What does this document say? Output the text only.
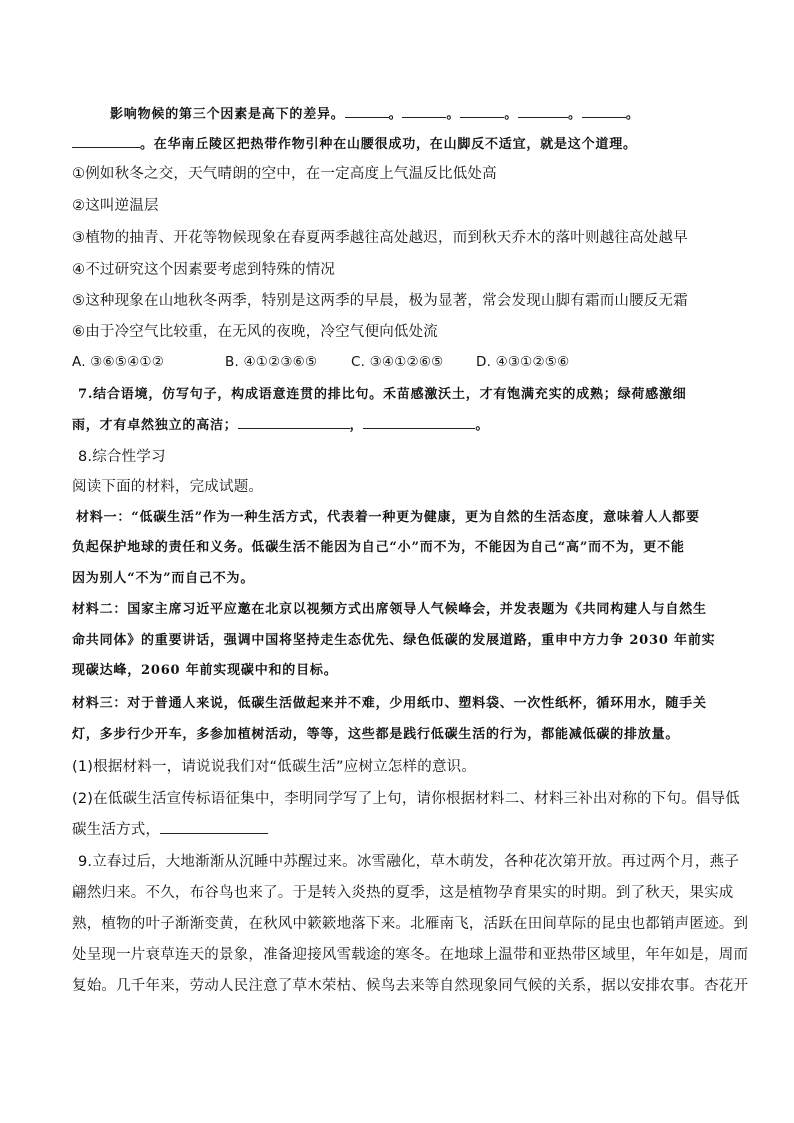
影响物候的第三个因素是高下的差异。	。	。	。	。	。
。在华南丘陵区把热带作物引种在山腰很成功，在山脚反不适宜，就是这个道理。
①例如秋冬之交，天气晴朗的空中，在一定高度上气温反比低处高
②这叫逆温层
③植物的抽青、开花等物候现象在春夏两季越往高处越迟，而到秋天乔木的落叶则越往高处越早
④不过研究这个因素要考虑到特殊的情况
⑤这种现象在山地秋冬两季，特别是这两季的早晨，极为显著，常会发现山脚有霜而山腰反无霜
⑥由于冷空气比较重，在无风的夜晚，冷空气便向低处流
A. ③⑥⑤④①②	B. ④①②③⑥⑤ C. ③④①②⑥⑤ D. ④③①②⑤⑥
7.结合语境，仿写句子，构成语意连贯的排比句。禾苗感激沃土，才有饱满充实的成熟；绿荷感激细
雨，才有卓然独立的高洁；	，	。
8.综合性学习
阅读下面的材料，完成试题。
材料一：“低碳生活”作为一种生活方式，代表着一种更为健康，更为自然的生活态度，意味着人人都要
负起保护地球的责任和义务。低碳生活不能因为自己“小”而不为，不能因为自己“高”而不为，更不能
因为别人“不为”而自己不为。
材料二：国家主席习近平应邀在北京以视频方式出席领导人气候峰会，并发表题为《共同构建人与自然生
命共同体》的重要讲话，强调中国将坚持走生态优先、绿色低碳的发展道路，重申中方力争 2030 年前实
现碳达峰，2060 年前实现碳中和的目标。
材料三：对于普通人来说，低碳生活做起来并不难，少用纸巾、塑料袋、一次性纸杯，循环用水，随手关
灯，多步行少开车，多参加植树活动，等等，这些都是践行低碳生活的行为，都能减低碳的排放量。
(1)根据材料一，请说说我们对“低碳生活”应树立怎样的意识。
(2)在低碳生活宣传标语征集中，李明同学写了上句，请你根据材料二、材料三补出对称的下句。倡导低
碳生活方式，
9.立春过后，大地渐渐从沉睡中苏醒过来。冰雪融化，草木萌发，各种花次第开放。再过两个月，燕子
翩然归来。不久，布谷鸟也来了。于是转入炎热的夏季，这是植物孕育果实的时期。到了秋天，果实成
熟，植物的叶子渐渐变黄，在秋风中簌簌地落下来。北雁南飞，活跃在田间草际的昆虫也都销声匿迹。到
处呈现一片衰草连天的景象，准备迎接风雪载途的寒冬。在地球上温带和亚热带区域里，年年如是，周而
复始。几千年来，劳动人民注意了草木荣枯、候鸟去来等自然现象同气候的关系，据以安排农事。杏花开
